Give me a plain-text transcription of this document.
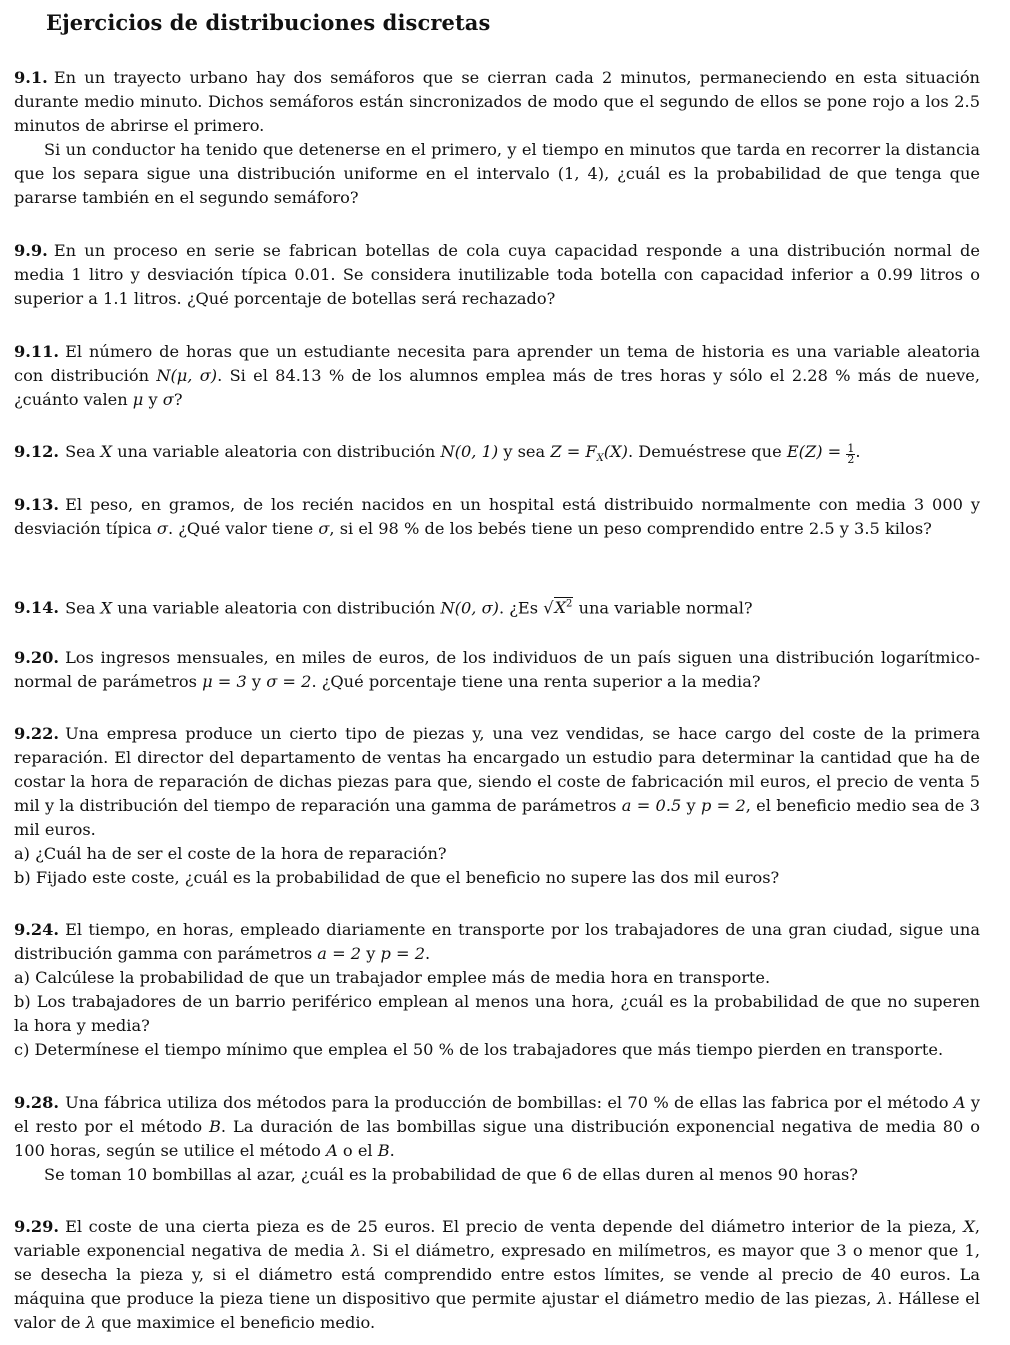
Ejercicios de distribuciones discretas

9.1. En un trayecto urbano hay dos semáforos que se cierran cada 2 minutos, permaneciendo en esta situación durante medio minuto. Dichos semáforos están sincronizados de modo que el segundo de ellos se pone rojo a los 2.5 minutos de abrirse el primero.

Si un conductor ha tenido que detenerse en el primero, y el tiempo en minutos que tarda en recorrer la distancia que los separa sigue una distribución uniforme en el intervalo (1, 4), ¿cuál es la probabilidad de que tenga que pararse también en el segundo semáforo?

9.9. En un proceso en serie se fabrican botellas de cola cuya capacidad responde a una distribución normal de media 1 litro y desviación típica 0.01. Se considera inutilizable toda botella con capacidad inferior a 0.99 litros o superior a 1.1 litros. ¿Qué porcentaje de botellas será rechazado?

9.11. El número de horas que un estudiante necesita para aprender un tema de historia es una variable aleatoria con distribución N(μ, σ). Si el 84.13 % de los alumnos emplea más de tres horas y sólo el 2.28 % más de nueve, ¿cuánto valen μ y σ?

9.12. Sea X una variable aleatoria con distribución N(0, 1) y sea $Z = F_X(X)$. Demuéstrese que $E(Z) = \frac{1}{2}$ .

9.13. El peso, en gramos, de los recién nacidos en un hospital está distribuido normalmente con media 3 000 y desviación típica σ. ¿Qué valor tiene σ, si el 98 % de los bebés tiene un peso comprendido entre 2.5 y 3.5 kilos?

9.14. Sea X una variable aleatoria con distribución N(0, σ). ¿Es $√X^2$ una variable normal?

9.20. Los ingresos mensuales, en miles de euros, de los individuos de un país siguen una distribución logarítmico-normal de parámetros μ = 3 y σ = 2. ¿Qué porcentaje tiene una renta superior a la media?

9.22. Una empresa produce un cierto tipo de piezas y, una vez vendidas, se hace cargo del coste de la primera reparación. El director del departamento de ventas ha encargado un estudio para determinar la cantidad que ha de costar la hora de reparación de dichas piezas para que, siendo el coste de fabricación mil euros, el precio de venta 5 mil y la distribución del tiempo de reparación una gamma de parámetros a = 0.5 y p = 2, el beneficio medio sea de 3 mil euros.

a) ¿Cuál ha de ser el coste de la hora de reparación?

b) Fijado este coste, ¿cuál es la probabilidad de que el beneficio no supere las dos mil euros?

9.24. El tiempo, en horas, empleado diariamente en transporte por los trabajadores de una gran ciudad, sigue una distribución gamma con parámetros a = 2 y p = 2.

a) Calcúlese la probabilidad de que un trabajador emplee más de media hora en transporte.

b) Los trabajadores de un barrio periférico emplean al menos una hora, ¿cuál es la probabilidad de que no superen la hora y media?

c) Determínese el tiempo mínimo que emplea el 50 % de los trabajadores que más tiempo pierden en transporte.

9.28. Una fábrica utiliza dos métodos para la producción de bombillas: el 70 % de ellas las fabrica por el método A y el resto por el método B. La duración de las bombillas sigue una distribución exponencial negativa de media 80 o 100 horas, según se utilice el método A o el B.

Se toman 10 bombillas al azar, ¿cuál es la probabilidad de que 6 de ellas duren al menos 90 horas?

9.29. El coste de una cierta pieza es de 25 euros. El precio de venta depende del diámetro interior de la pieza, X, variable exponencial negativa de media λ. Si el diámetro, expresado en milímetros, es mayor que 3 o menor que 1, se desecha la pieza y, si el diámetro está comprendido entre estos límites, se vende al precio de 40 euros. La máquina que produce la pieza tiene un dispositivo que permite ajustar el diámetro medio de las piezas, λ. Hállese el valor de λ que maximice el beneficio medio.
